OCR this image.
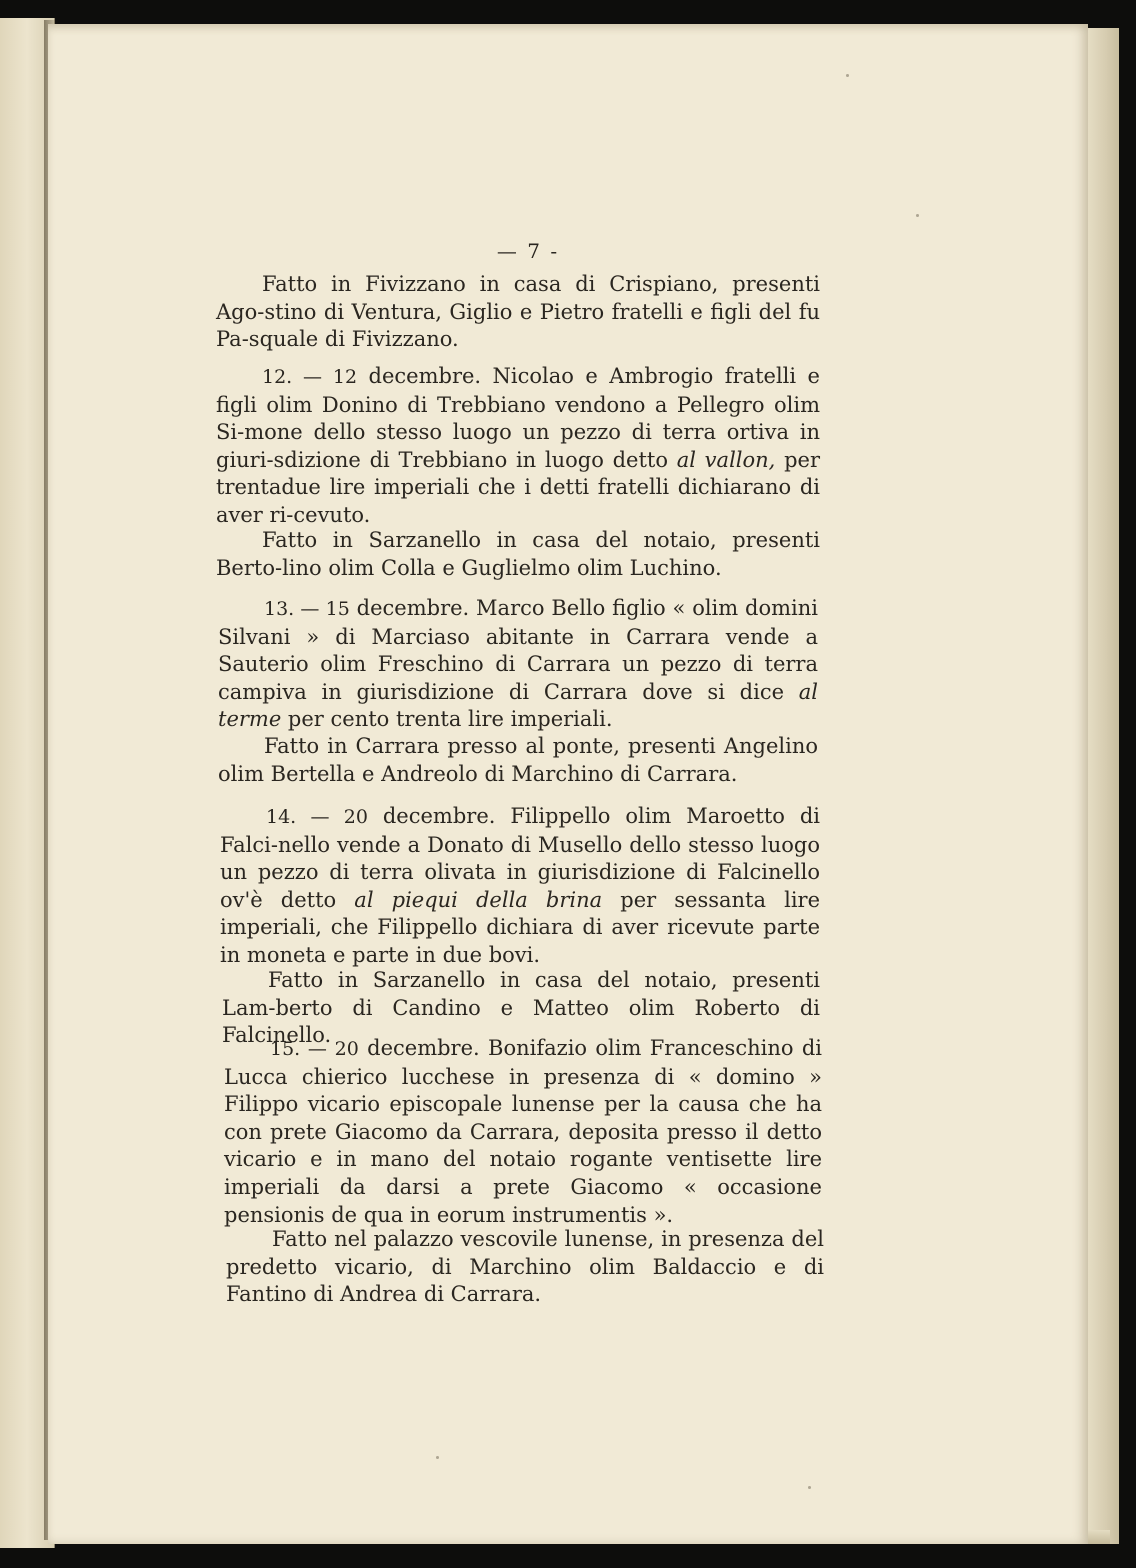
— 7 -

Fatto in Fivizzano in casa di Crispiano, presenti Ago-stino di Ventura, Giglio e Pietro fratelli e figli del fu Pa-squale di Fivizzano.

12. — 12 decembre. Nicolao e Ambrogio fratelli e figli olim Donino di Trebbiano vendono a Pellegro olim Si-mone dello stesso luogo un pezzo di terra ortiva in giuri-sdizione di Trebbiano in luogo detto al vallon, per trentadue lire imperiali che i detti fratelli dichiarano di aver ri-cevuto.

Fatto in Sarzanello in casa del notaio, presenti Berto-lino olim Colla e Guglielmo olim Luchino.

13. — 15 decembre. Marco Bello figlio « olim domini Silvani » di Marciaso abitante in Carrara vende a Sauterio olim Freschino di Carrara un pezzo di terra campiva in giurisdizione di Carrara dove si dice al terme per cento trenta lire imperiali.

Fatto in Carrara presso al ponte, presenti Angelino olim Bertella e Andreolo di Marchino di Carrara.

14. — 20 decembre. Filippello olim Maroetto di Falci-nello vende a Donato di Musello dello stesso luogo un pezzo di terra olivata in giurisdizione di Falcinello ov'è detto al piequi della brina per sessanta lire imperiali, che Filippello dichiara di aver ricevute parte in moneta e parte in due bovi.

Fatto in Sarzanello in casa del notaio, presenti Lam-berto di Candino e Matteo olim Roberto di Falcinello.

15. — 20 decembre. Bonifazio olim Franceschino di Lucca chierico lucchese in presenza di « domino » Filippo vicario episcopale lunense per la causa che ha con prete Giacomo da Carrara, deposita presso il detto vicario e in mano del notaio rogante ventisette lire imperiali da darsi a prete Giacomo « occasione pensionis de qua in eorum instrumentis ».

Fatto nel palazzo vescovile lunense, in presenza del predetto vicario, di Marchino olim Baldaccio e di Fantino di Andrea di Carrara.
